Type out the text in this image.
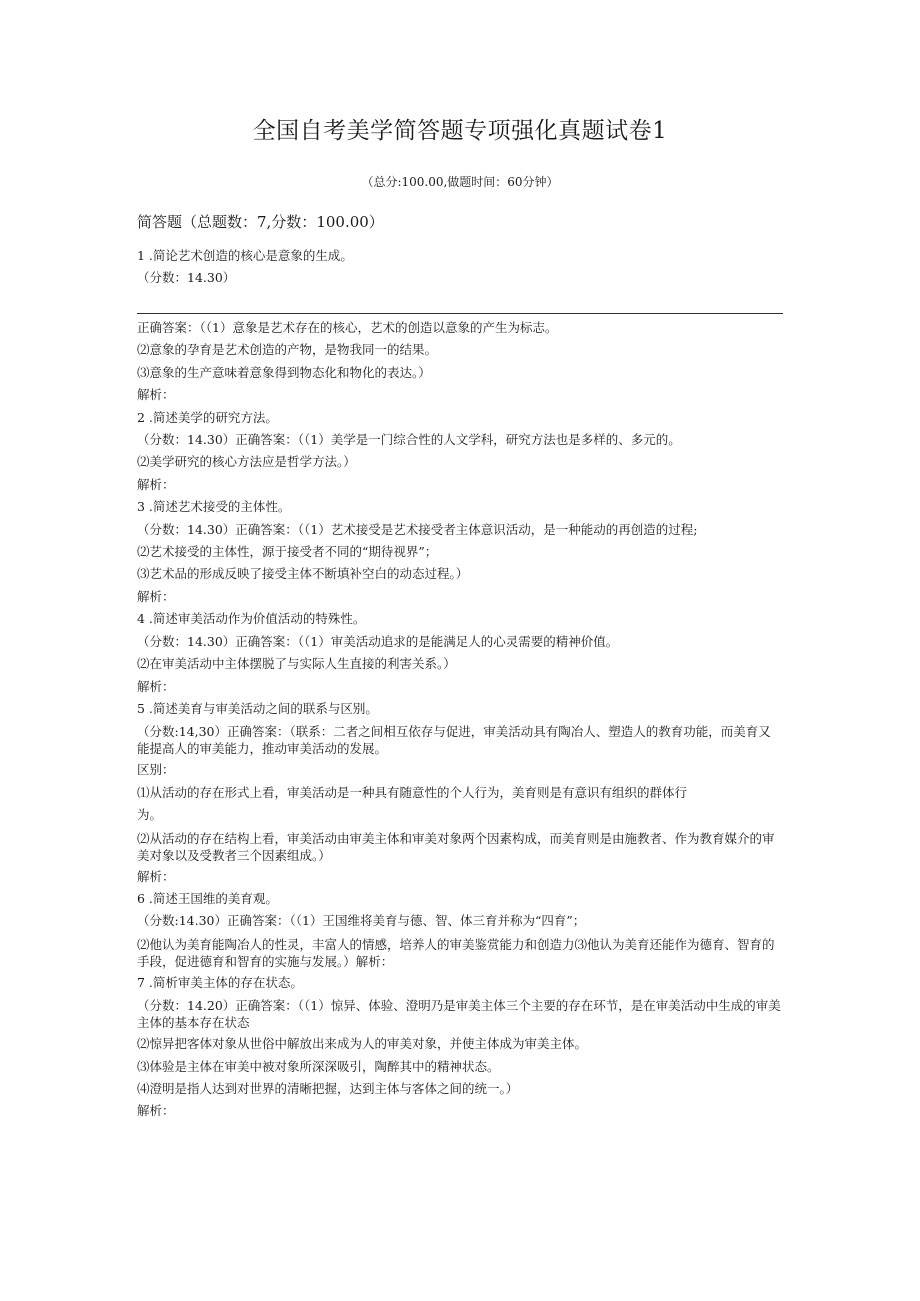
全国自考美学简答题专项强化真题试卷1
（总分:100.00,做题时间：60分钟）
简答题（总题数：7,分数：100.00）
1 .简论艺术创造的核心是意象的生成。
（分数：14.30）
正确答案：（（1）意象是艺术存在的核心，艺术的创造以意象的产生为标志。
⑵意象的孕育是艺术创造的产物，是物我同一的结果。
⑶意象的生产意味着意象得到物态化和物化的表达。）
解析：
2 .简述美学的研究方法。
（分数：14.30）正确答案：（（1）美学是一门综合性的人文学科，研究方法也是多样的、多元的。
⑵美学研究的核心方法应是哲学方法。）
解析：
3 .简述艺术接受的主体性。
（分数：14.30）正确答案：（（1）艺术接受是艺术接受者主体意识活动，是一种能动的再创造的过程;
⑵艺术接受的主体性，源于接受者不同的“期待视界”；
⑶艺术品的形成反映了接受主体不断填补空白的动态过程。）
解析：
4 .简述审美活动作为价值活动的特殊性。
（分数：14.30）正确答案：（（1）审美活动追求的是能满足人的心灵需要的精神价值。
⑵在审美活动中主体摆脱了与实际人生直接的利害关系。）
解析：
5 .简述美育与审美活动之间的联系与区别。
（分数:14,30）正确答案：（联系：二者之间相互依存与促进，审美活动具有陶冶人、塑造人的教育功能，而美育又能提高人的审美能力，推动审美活动的发展。
区别：
⑴从活动的存在形式上看，审美活动是一种具有随意性的个人行为，美育则是有意识有组织的群体行
为。
⑵从活动的存在结构上看，审美活动由审美主体和审美对象两个因素构成，而美育则是由施教者、作为教育媒介的审美对象以及受教者三个因素组成。）
解析：
6 .简述王国维的美育观。
（分数:14.30）正确答案：（（1）王国维将美育与德、智、体三育并称为“四育”；
⑵他认为美育能陶冶人的性灵，丰富人的情感，培养人的审美鉴赏能力和创造力⑶他认为美育还能作为德育、智育的手段，促进德育和智育的实施与发展。）解析：
7 .简析审美主体的存在状态。
（分数：14.20）正确答案：（（1）惊异、体验、澄明乃是审美主体三个主要的存在环节，是在审美活动中生成的审美主体的基本存在状态
⑵惊异把客体对象从世俗中解放出来成为人的审美对象，并使主体成为审美主体。
⑶体验是主体在审美中被对象所深深吸引，陶醉其中的精神状态。
⑷澄明是指人达到对世界的清晰把握，达到主体与客体之间的统一。）
解析：
